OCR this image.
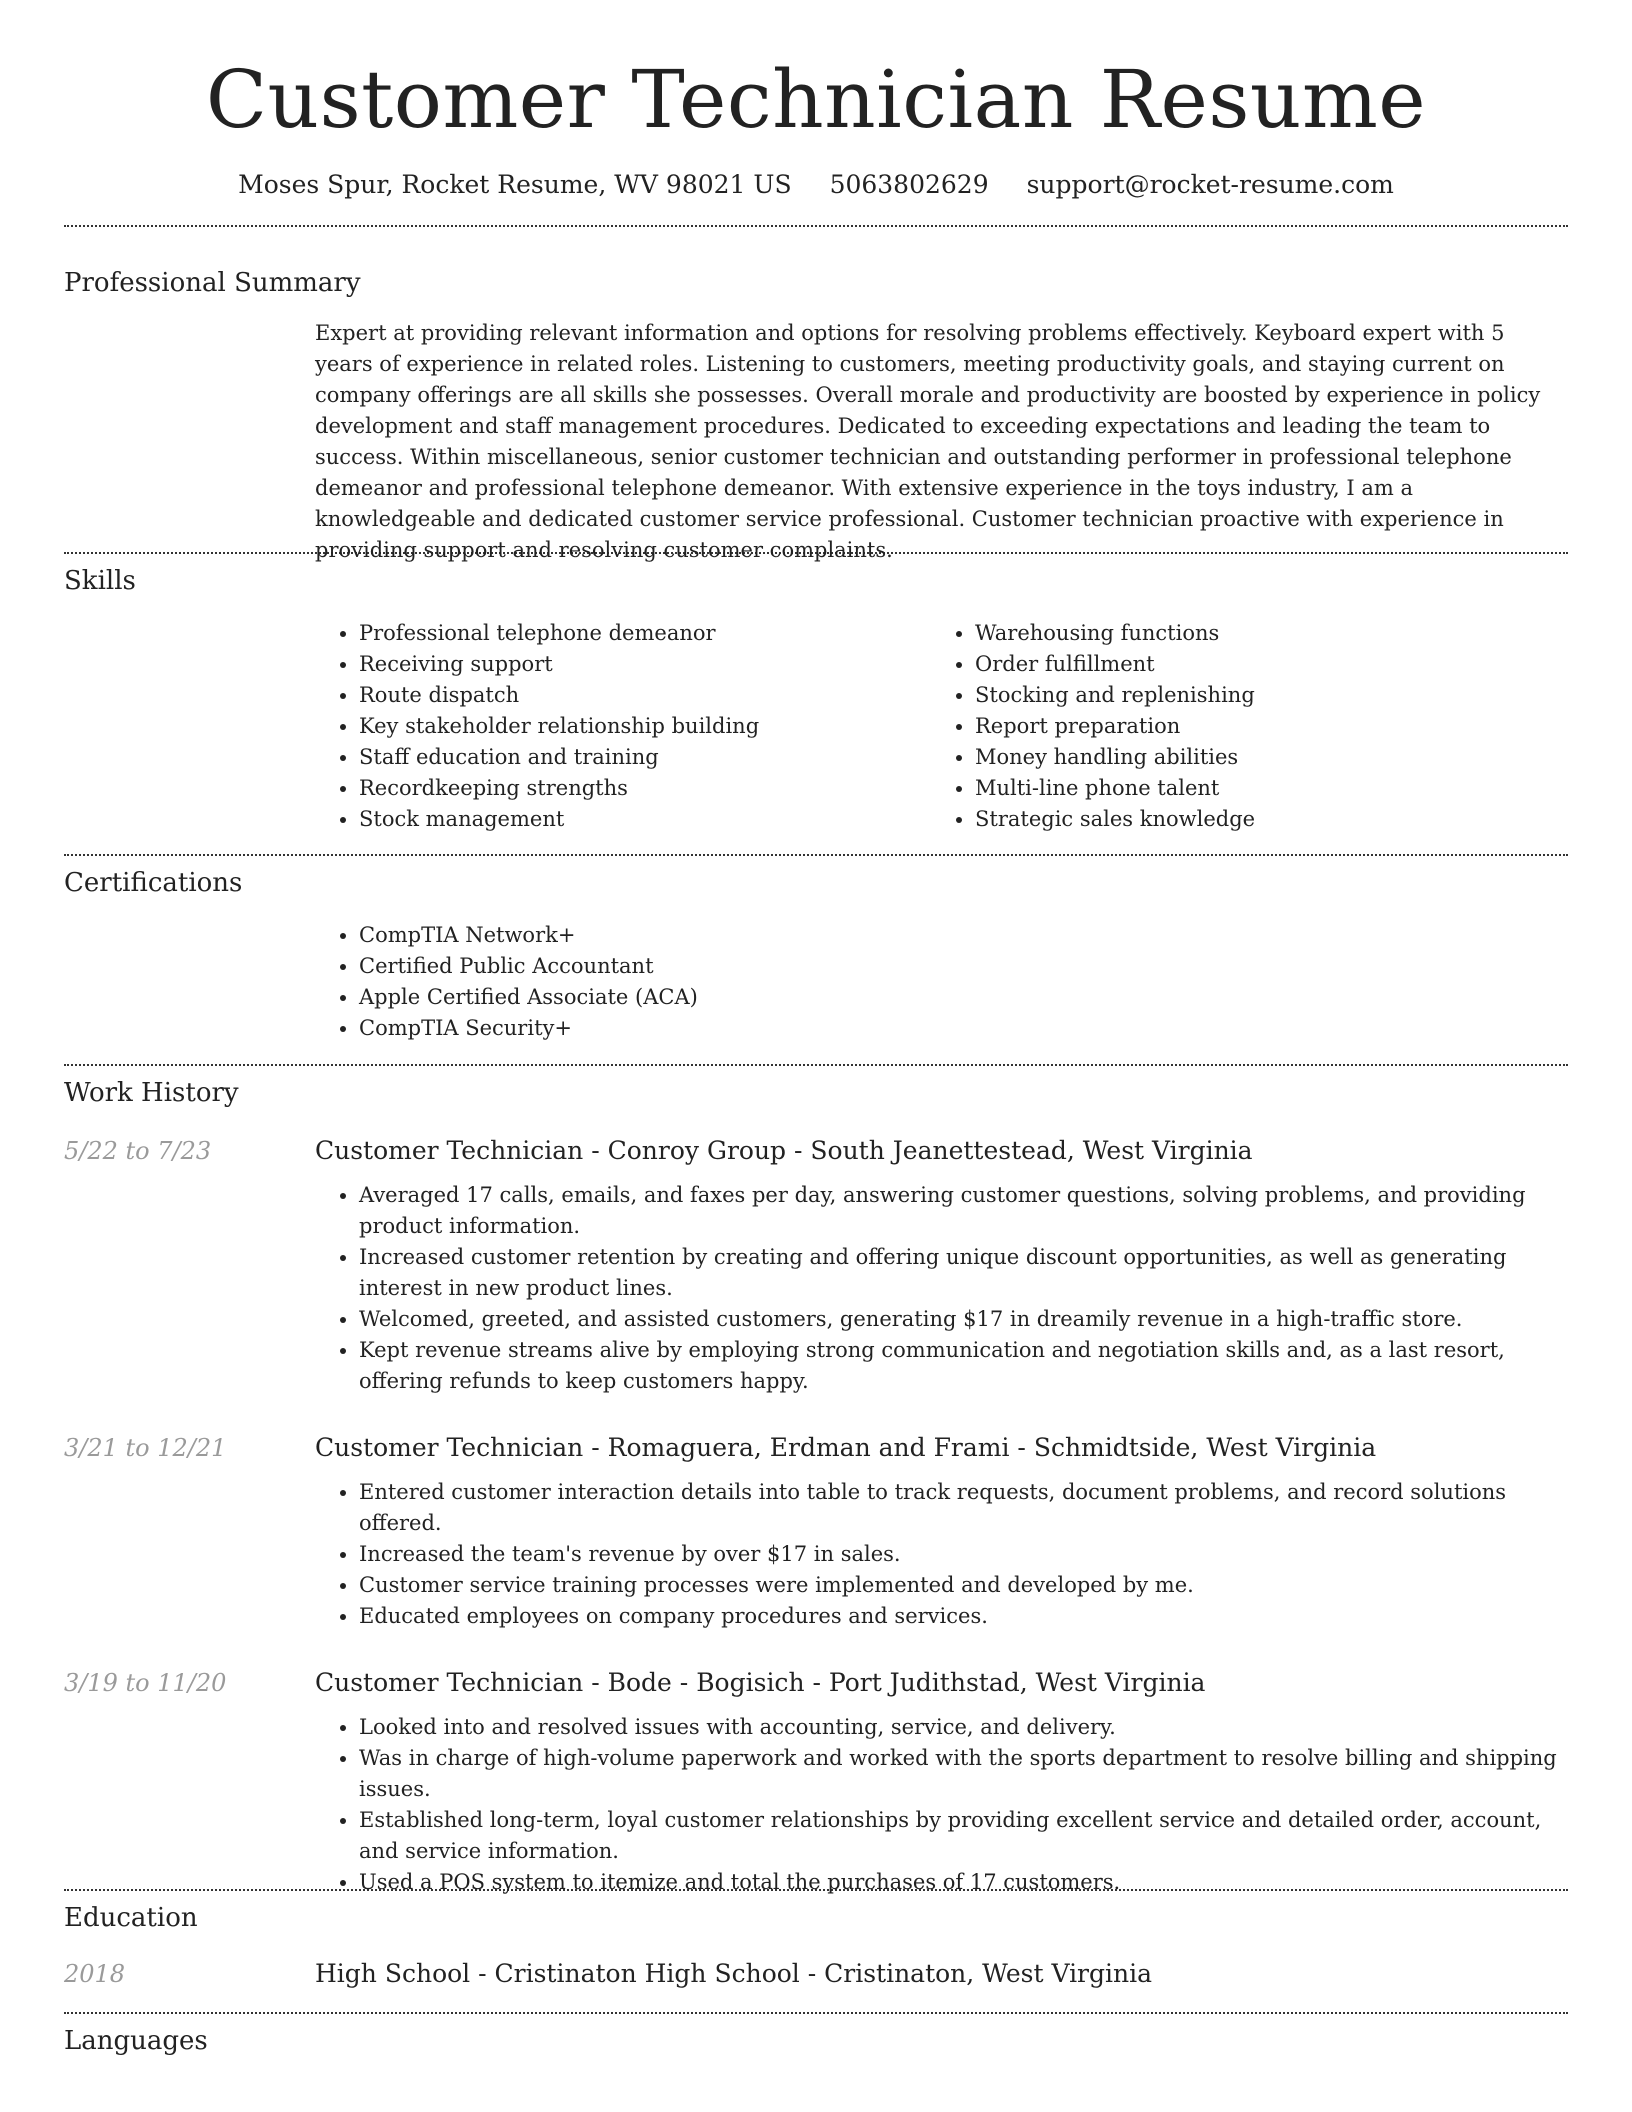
Customer Technician Resume
Moses Spur, Rocket Resume, WV 98021 US 5063802629 support@rocket-resume.com
Professional Summary

Expert at providing relevant information and options for resolving problems effectively. Keyboard expert with 5 years of experience in related roles. Listening to customers, meeting productivity goals, and staying current on company offerings are all skills she possesses. Overall morale and productivity are boosted by experience in policy development and staff management procedures. Dedicated to exceeding expectations and leading the team to success. Within miscellaneous, senior customer technician and outstanding performer in professional telephone demeanor and professional telephone demeanor. With extensive experience in the toys industry, I am a knowledgeable and dedicated customer service professional. Customer technician proactive with experience in providing support and resolving customer complaints.

Skills
• Professional telephone demeanor
• Receiving support
• Route dispatch
• Key stakeholder relationship building
• Staff education and training
• Recordkeeping strengths
• Stock management
• Warehousing functions
• Order fulfillment
• Stocking and replenishing
• Report preparation
• Money handling abilities
• Multi-line phone talent
• Strategic sales knowledge
Certifications
• CompTIA Network+
• Certified Public Accountant
• Apple Certified Associate (ACA)
• CompTIA Security+
Work History
5/22 to 7/23	Customer Technician - Conroy Group - South Jeanettestead, West Virginia
• Averaged 17 calls, emails, and faxes per day, answering customer questions, solving problems, and providing product information.
• Increased customer retention by creating and offering unique discount opportunities, as well as generating interest in new product lines.
• Welcomed, greeted, and assisted customers, generating $17 in dreamily revenue in a high-traffic store.
• Kept revenue streams alive by employing strong communication and negotiation skills and, as a last resort, offering refunds to keep customers happy.
3/21 to 12/21	Customer Technician - Romaguera, Erdman and Frami - Schmidtside, West Virginia
• Entered customer interaction details into table to track requests, document problems, and record solutions offered.
• Increased the team's revenue by over $17 in sales.
• Customer service training processes were implemented and developed by me.
• Educated employees on company procedures and services.
3/19 to 11/20	Customer Technician - Bode - Bogisich - Port Judithstad, West Virginia
• Looked into and resolved issues with accounting, service, and delivery.
• Was in charge of high-volume paperwork and worked with the sports department to resolve billing and shipping issues.
• Established long-term, loyal customer relationships by providing excellent service and detailed order, account, and service information.
• Used a POS system to itemize and total the purchases of 17 customers.
Education
2018	High School - Cristinaton High School - Cristinaton, West Virginia
Languages
